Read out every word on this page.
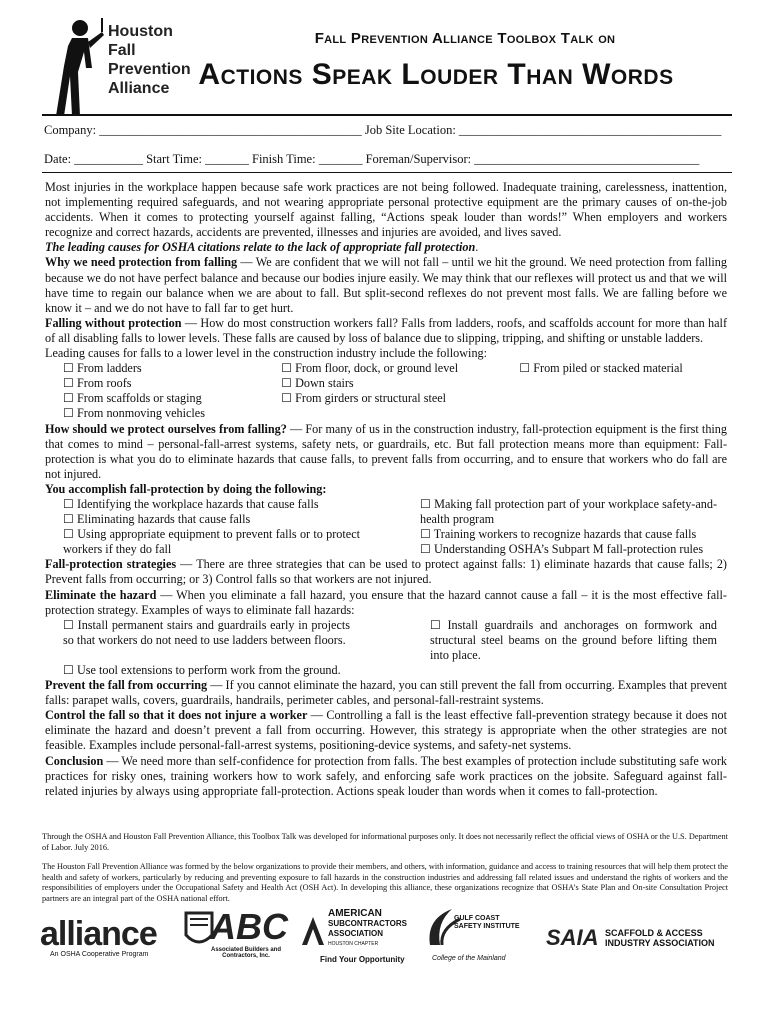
Houston
Fall
Prevention
Alliance
Fall Prevention Alliance Toolbox Talk on
Actions Speak Louder Than Words
Company: __________________________________________ Job Site Location: __________________________________________
Date: ___________ Start Time: _______ Finish Time: _______ Foreman/Supervisor: ____________________________________

Most injuries in the workplace happen because safe work practices are not being followed. Inadequate training, carelessness, inattention, not implementing required safeguards, and not wearing appropriate personal protective equipment are the primary causes of on-the-job accidents. When it comes to protecting yourself against falling, “Actions speak louder than words!” When employers and workers recognize and correct hazards, accidents are prevented, illnesses and injuries are avoided, and lives saved.

The leading causes for OSHA citations relate to the lack of appropriate fall protection.

Why we need protection from falling — We are confident that we will not fall – until we hit the ground. We need protection from falling because we do not have perfect balance and because our bodies injure easily. We may think that our reflexes will protect us and that we will have time to regain our balance when we are about to fall. But split-second reflexes do not prevent most falls. We are falling before we know it – and we do not have to fall far to get hurt.

Falling without protection — How do most construction workers fall? Falls from ladders, roofs, and scaffolds account for more than half of all disabling falls to lower levels. These falls are caused by loss of balance due to slipping, tripping, and shifting or unstable ladders.

Leading causes for falls to a lower level in the construction industry include the following:

☐ From ladders
☐ From roofs
☐ From scaffolds or staging
☐ From nonmoving vehicles
☐ From floor, dock, or ground level
☐ Down stairs
☐ From girders or structural steel
☐ From piled or stacked material

How should we protect ourselves from falling? — For many of us in the construction industry, fall-protection equipment is the first thing that comes to mind – personal-fall-arrest systems, safety nets, or guardrails, etc. But fall protection means more than equipment: Fall-protection is what you do to eliminate hazards that cause falls, to prevent falls from occurring, and to ensure that workers who do fall are not injured.

You accomplish fall-protection by doing the following:

☐ Identifying the workplace hazards that cause falls
☐ Eliminating hazards that cause falls
☐ Using appropriate equipment to prevent falls or to protect workers if they do fall
☐ Making fall protection part of your workplace safety-and-health program
☐ Training workers to recognize hazards that cause falls
☐ Understanding OSHA’s Subpart M fall-protection rules

Fall-protection strategies — There are three strategies that can be used to protect against falls: 1) eliminate hazards that cause falls; 2) Prevent falls from occurring; or 3) Control falls so that workers are not injured.

Eliminate the hazard — When you eliminate a fall hazard, you ensure that the hazard cannot cause a fall – it is the most effective fall-protection strategy. Examples of ways to eliminate fall hazards:

☐ Install permanent stairs and guardrails early in projects so that workers do not need to use ladders between floors.
☐ Install guardrails and anchorages on formwork and structural steel beams on the ground before lifting them into place.
☐ Use tool extensions to perform work from the ground.

Prevent the fall from occurring — If you cannot eliminate the hazard, you can still prevent the fall from occurring. Examples that prevent falls: parapet walls, covers, guardrails, handrails, perimeter cables, and personal-fall-restraint systems.

Control the fall so that it does not injure a worker — Controlling a fall is the least effective fall-prevention strategy because it does not eliminate the hazard and doesn’t prevent a fall from occurring. However, this strategy is appropriate when the other strategies are not feasible. Examples include personal-fall-arrest systems, positioning-device systems, and safety-net systems.

Conclusion — We need more than self-confidence for protection from falls. The best examples of protection include substituting safe work practices for risky ones, training workers how to work safely, and enforcing safe work practices on the jobsite. Safeguard against fall-related injuries by always using appropriate fall-protection. Actions speak louder than words when it comes to fall-protection.

Through the OSHA and Houston Fall Prevention Alliance, this Toolbox Talk was developed for informational purposes only. It does not necessarily reflect the official views of OSHA or the U.S. Department of Labor. July 2016.
The Houston Fall Prevention Alliance was formed by the below organizations to provide their members, and others, with information, guidance and access to training resources that will help them protect the health and safety of workers, particularly by reducing and preventing exposure to fall hazards in the construction industries and addressing fall related issues and understand the rights of workers and the responsibilities of employers under the Occupational Safety and Health Act (OSH Act). In developing this alliance, these organizations recognize that OSHA’s State Plan and On-site Consultation Project partners are an integral part of the OSHA national effort.
alliance
An OSHA Cooperative Program
ABC
Associated Builders and Contractors, Inc.
AMERICAN
SUBCONTRACTORS
ASSOCIATION
HOUSTON CHAPTER
Find Your Opportunity
GULF COAST
SAFETY INSTITUTE
College of the Mainland
SAIA SCAFFOLD & ACCESS
INDUSTRY ASSOCIATION
